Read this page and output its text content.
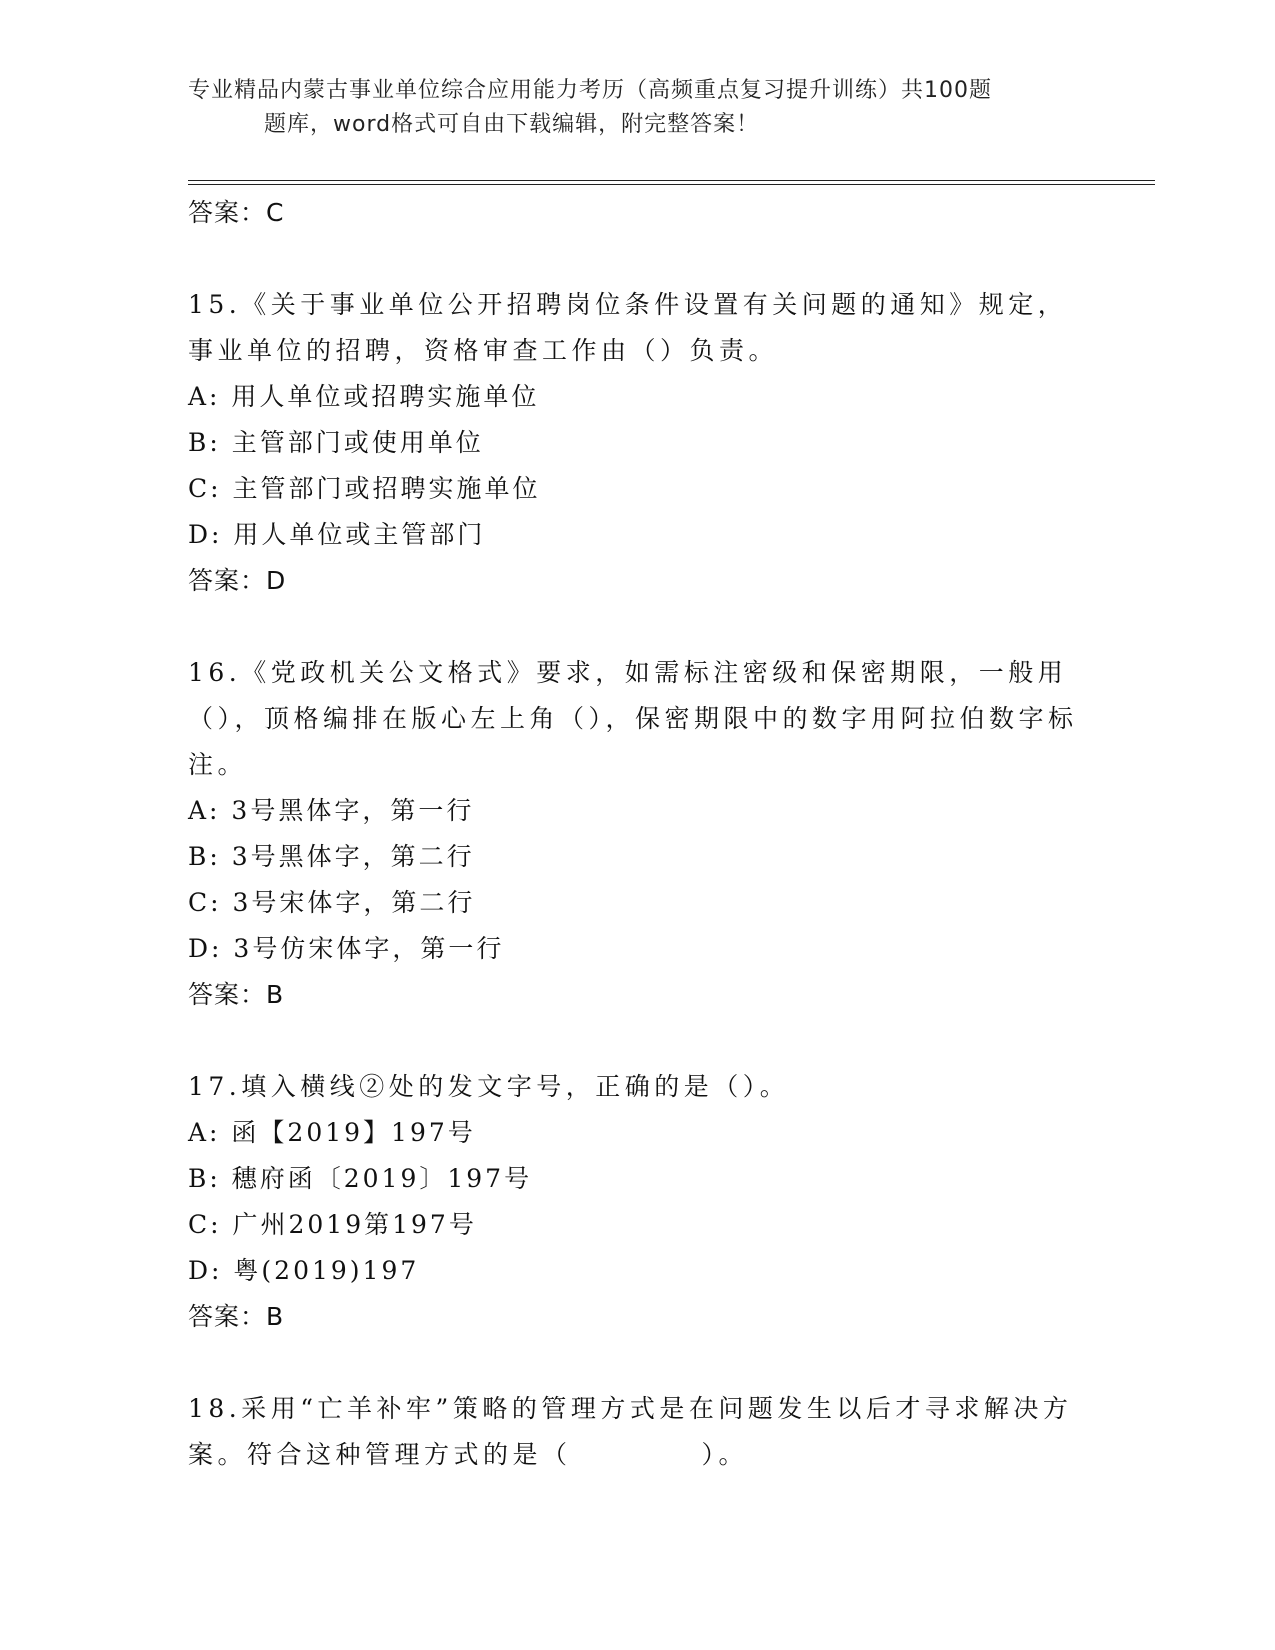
专业精品内蒙古事业单位综合应用能力考历（高频重点复习提升训练）共100题
题库，word格式可自由下载编辑，附完整答案！
答案：C
15.《关于事业单位公开招聘岗位条件设置有关问题的通知》规定，事业单位的招聘，资格审查工作由（）负责。
A: 用人单位或招聘实施单位
B: 主管部门或使用单位
C: 主管部门或招聘实施单位
D: 用人单位或主管部门
答案：D
16.《党政机关公文格式》要求，如需标注密级和保密期限，一般用（），顶格编排在版心左上角（），保密期限中的数字用阿拉伯数字标注。
A: 3号黑体字，第一行
B: 3号黑体字，第二行
C: 3号宋体字，第二行
D: 3号仿宋体字，第一行
答案：B
17.填入横线②处的发文字号，正确的是（）。
A: 函【2019】197号
B: 穗府函〔2019〕197号
C: 广州2019第197号
D: 粤(2019)197
答案：B
18.采用“亡羊补牢”策略的管理方式是在问题发生以后才寻求解决方案。符合这种管理方式的是（	）。
